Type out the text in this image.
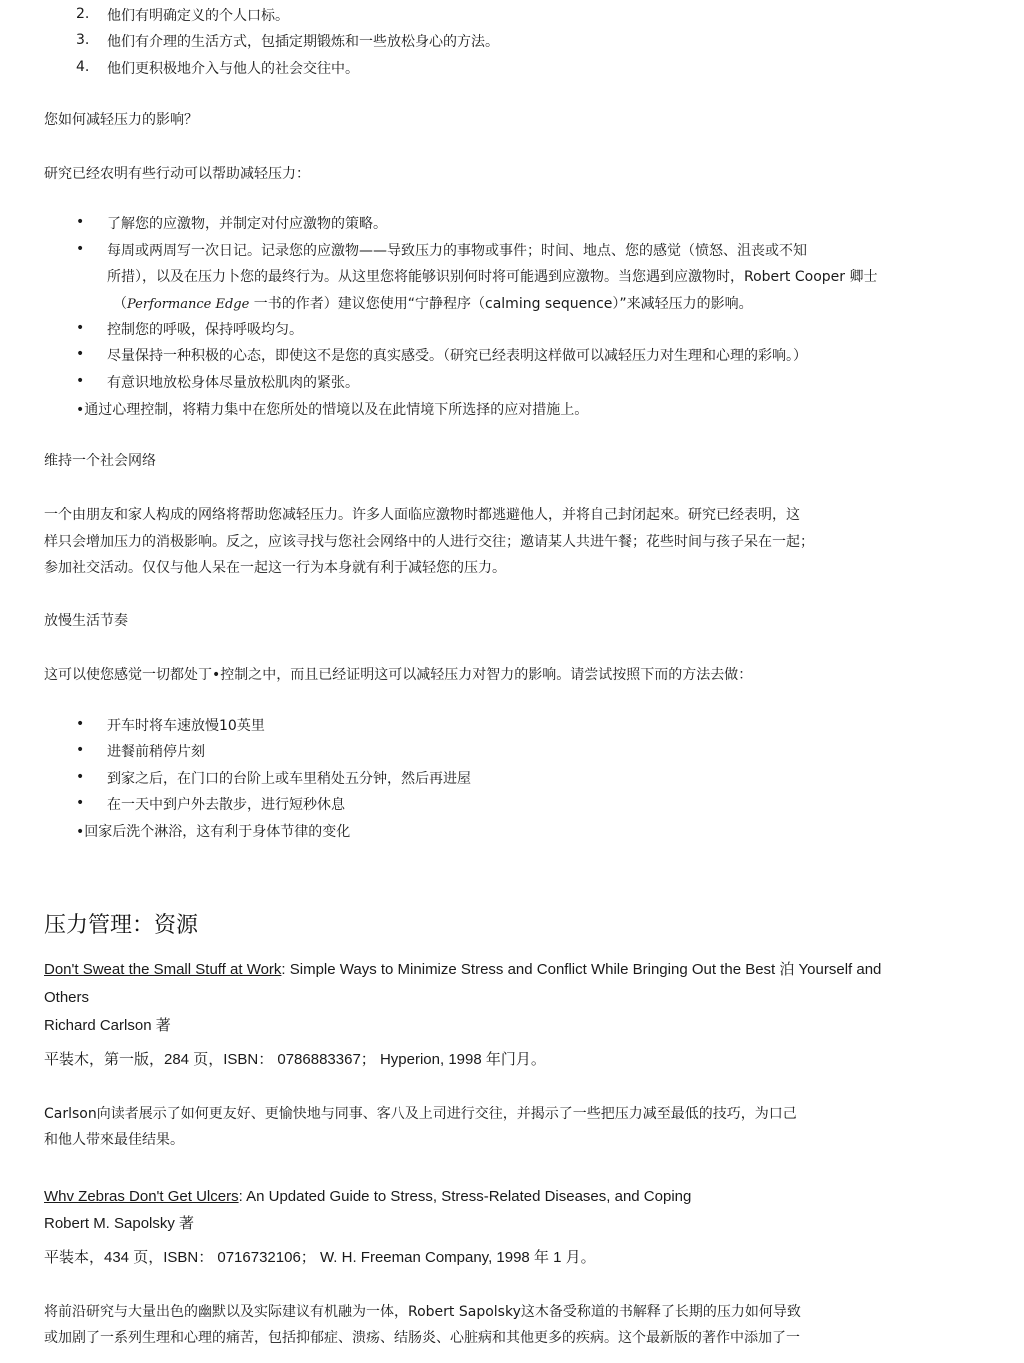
2.	他们有明确定义的个人口标。
3.	他们有介理的生活方式，包插定期锻炼和一些放松身心的方法。
4.	他们更积极地介入与他人的社会交往中。
您如何减轻压力的影响？
研究已经农明有些行动可以帮助减轻压力：
• 了解您的应激物，并制定对付应激物的策略。
• 每周或两周写一次日记。记录您的应激物——导致压力的事物或事件；时间、地点、您的感觉（愤怒、沮丧或不知
所措），以及在压力卜您的最终行为。从这里您将能够识别何时将可能遇到应激物。当您遇到应激物时，Robert Cooper 卿士
（Performance Edge 一书的作者）建议您使用“宁静程序（calming sequence）”来减轻压力的影响。
• 控制您的呼吸，保持呼吸均匀。
• 尽量保持一种积极的心态，即使这不是您的真实感受。（研究已经表明这样做可以减轻压力对生理和心理的彩响。）
• 有意识地放松身体尽量放松肌肉的紧张。
•通过心理控制，将精力集中在您所处的惜境以及在此情境下所选择的应对措施上。
维持一个社会网络
一个由朋友和家人构成的网络将帮助您减轻压力。许多人面临应激物时都逃避他人，并将自己封闭起來。研究已经表明，这
样只会增加压力的消极影响。反之，应该寻找与您社会网络中的人进行交往；邀请某人共进午餐；花些时间与孩子呆在一起；
参加社交活动。仅仅与他人呆在一起这一行为本身就有利于减轻您的压力。
放慢生活节奏
这可以使您感觉一切都处丁•控制之中，而且已经证明这可以减轻压力对智力的影响。请尝试按照下而的方法去做：
• 开车时将车速放慢10英里
• 进餐前稍停片刻
• 到家之后，在门口的台阶上或车里稍处五分钟，然后再进屋
• 在一天中到户外去散步，进行短秒休息
•回家后洗个淋浴，这有利于身体节律的变化
压力管理：资源
Don't Sweat the Small Stuff at Work: Simple Ways to Minimize Stress and Conflict While Bringing Out the Best 泊 Yourself and
Others
Richard Carlson 著
平装木，第一版，284 页，ISBN： 0786883367； Hyperion, 1998 年门月。
Carlson向读者展示了如何更友好、更愉快地与同事、客八及上司进行交往，并揭示了一些把压力减至最低的技巧，为口己
和他人带來最佳结果。
Whv Zebras Don't Get Ulcers: An Updated Guide to Stress, Stress-Related Diseases, and Coping
Robert M. Sapolsky 著
平装本，434 页，ISBN： 0716732106； W. H. Freeman Company, 1998 年 1 月。
将前沿研究与大量出色的幽默以及实际建议有机融为一体，Robert Sapolsky这木备受称道的书解释了长期的压力如何导致
或加剧了一系列生理和心理的痛苦，包括抑郁症、溃疡、结肠炎、心脏病和其他更多的疾病。这个最新版的著作中添加了一
